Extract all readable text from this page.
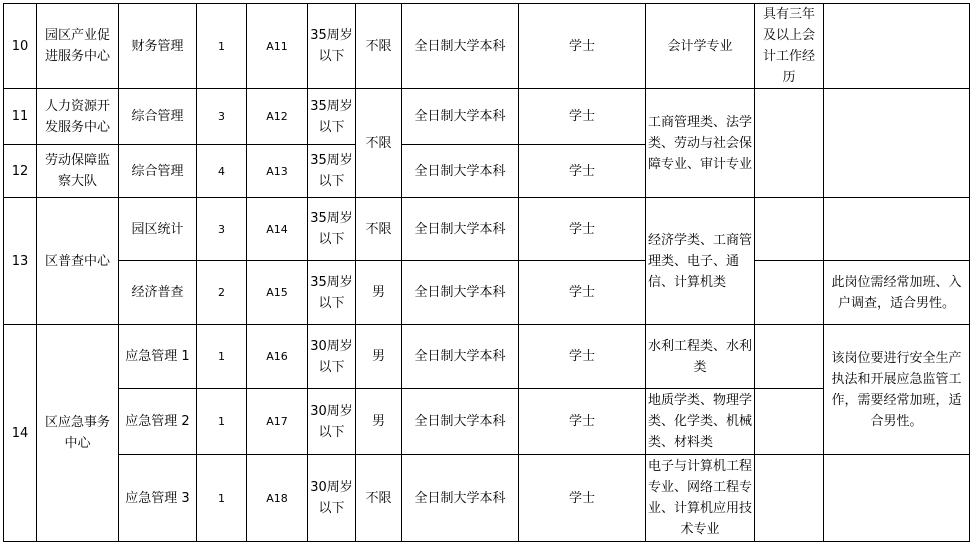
10	园区产业促进服务中心	财务管理	1	A11	35周岁以下	不限	全日制大学本科	学士	会计学专业	具有三年及以上会计工作经历	
11	人力资源开发服务中心	综合管理	3	A12	35周岁以下	不限	全日制大学本科	学士	工商管理类、法学类、劳动与社会保障专业、审计专业		
12	劳动保障监察大队	综合管理	4	A13	35周岁以下		全日制大学本科	学士			
13	区普查中心	园区统计	3	A14	35周岁以下	不限	全日制大学本科	学士	经济学类、工商管理类、电子、通信、计算机类		
		经济普查	2	A15	35周岁以下	男	全日制大学本科	学士			此岗位需经常加班、入户调查，适合男性。
14	区应急事务中心	应急管理 1	1	A16	30周岁以下	男	全日制大学本科	学士	水利工程类、水利类		该岗位要进行安全生产执法和开展应急监管工作，需要经常加班，适合男性。
		应急管理 2	1	A17	30周岁以下	男	全日制大学本科	学士	地质学类、物理学类、化学类、机械类、材料类		
		应急管理 3	1	A18	30周岁以下	不限	全日制大学本科	学士	电子与计算机工程专业、网络工程专业、计算机应用技术专业		
